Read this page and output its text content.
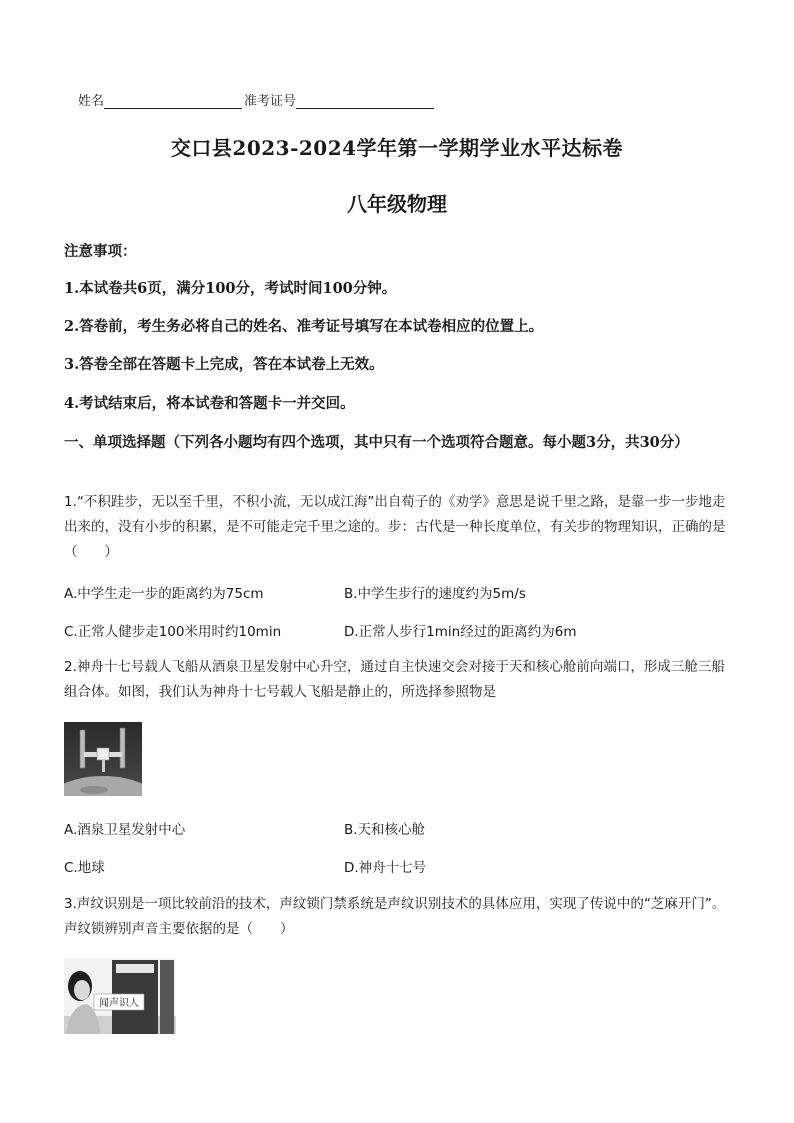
姓名	准考证号
交口县2023-2024学年第一学期学业水平达标卷
八年级物理
注意事项：
1.本试卷共6页，满分100分，考试时间100分钟。
2.答卷前，考生务必将自己的姓名、准考证号填写在本试卷相应的位置上。
3.答卷全部在答题卡上完成，答在本试卷上无效。
4.考试结束后，将本试卷和答题卡一并交回。
一、单项选择题（下列各小题均有四个选项，其中只有一个选项符合题意。每小题3分，共30分）
1.“不积跬步，无以至千里，不积小流，无以成江海”出自荀子的《劝学》意思是说千里之路，是靠一步一步地走出来的，没有小步的积累，是不可能走完千里之途的。步：古代是一种长度单位，有关步的物理知识，正确的是（　　）
A.中学生走一步的距离约为75cm	B.中学生步行的速度约为5m/s
C.正常人健步走100米用时约10min	D.正常人步行1min经过的距离约为6m
2.神舟十七号载人飞船从酒泉卫星发射中心升空，通过自主快速交会对接于天和核心舱前向端口，形成三舱三船组合体。如图，我们认为神舟十七号载人飞船是静止的，所选择参照物是
A.酒泉卫星发射中心	B.天和核心舱
C.地球	D.神舟十七号
3.声纹识别是一项比较前沿的技术，声纹锁门禁系统是声纹识别技术的具体应用，实现了传说中的“芝麻开门”。声纹锁辨别声音主要依据的是（　　）
闻声识人
